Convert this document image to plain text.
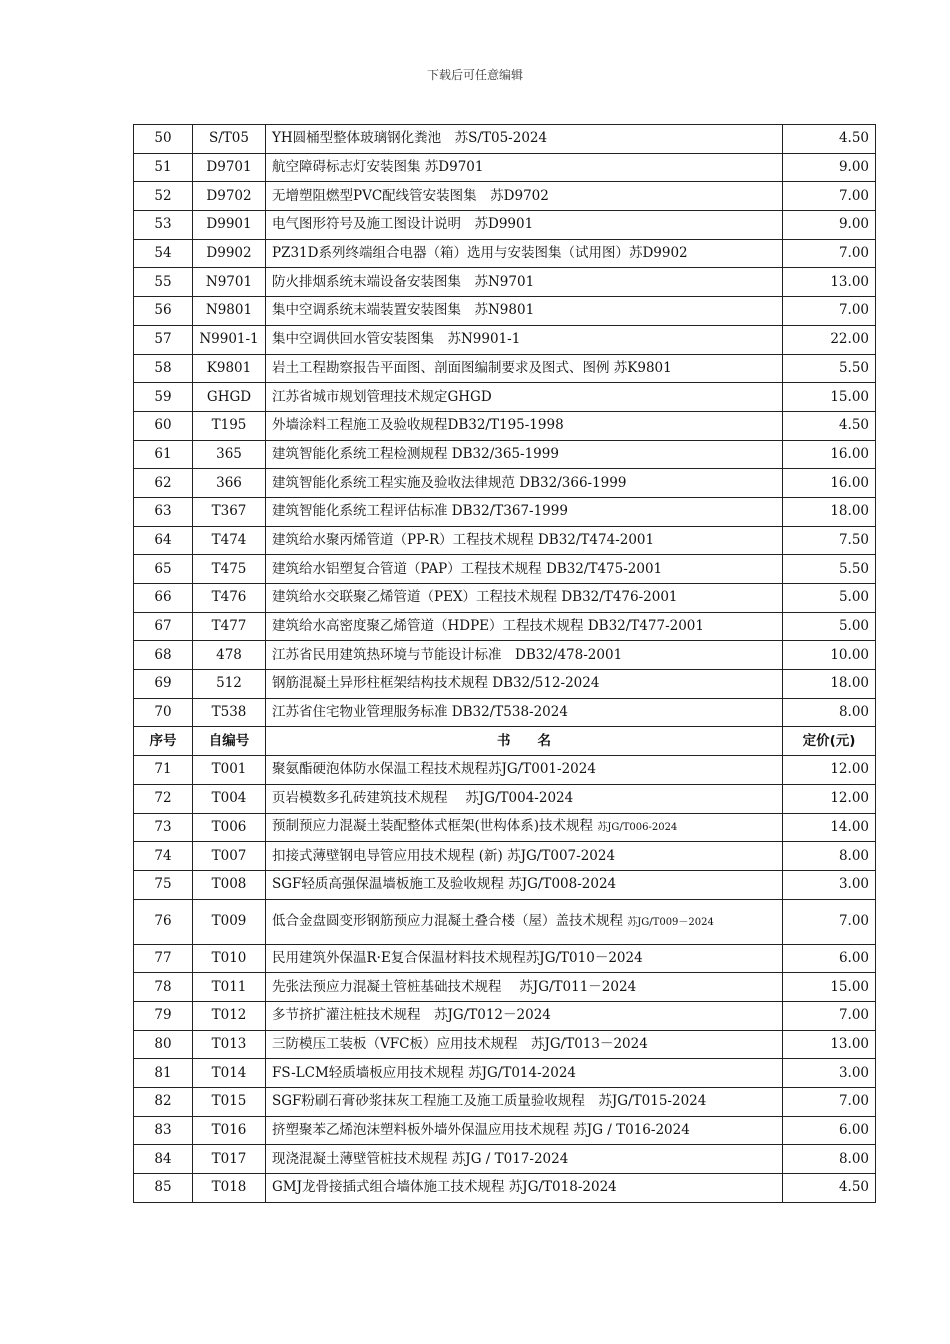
下载后可任意编辑
50	S/T05	YH圆桶型整体玻璃钢化粪池　苏S/T05-2024	4.50
51	D9701	航空障碍标志灯安装图集 苏D9701	9.00
52	D9702	无增塑阻燃型PVC配线管安装图集　苏D9702	7.00
53	D9901	电气图形符号及施工图设计说明　苏D9901	9.00
54	D9902	PZ31D系列终端组合电器（箱）选用与安装图集（试用图）苏D9902	7.00
55	N9701	防火排烟系统末端设备安装图集　苏N9701	13.00
56	N9801	集中空调系统末端装置安装图集　苏N9801	7.00
57	N9901-1	集中空调供回水管安装图集　苏N9901-1	22.00
58	K9801	岩土工程勘察报告平面图、剖面图编制要求及图式、图例 苏K9801	5.50
59	GHGD	江苏省城市规划管理技术规定GHGD	15.00
60	T195	外墙涂料工程施工及验收规程DB32/T195-1998	4.50
61	365	建筑智能化系统工程检测规程 DB32/365-1999	16.00
62	366	建筑智能化系统工程实施及验收法律规范 DB32/366-1999	16.00
63	T367	建筑智能化系统工程评估标准 DB32/T367-1999	18.00
64	T474	建筑给水聚丙烯管道（PP-R）工程技术规程 DB32/T474-2001	7.50
65	T475	建筑给水铝塑复合管道（PAP）工程技术规程 DB32/T475-2001	5.50
66	T476	建筑给水交联聚乙烯管道（PEX）工程技术规程 DB32/T476-2001	5.00
67	T477	建筑给水高密度聚乙烯管道（HDPE）工程技术规程 DB32/T477-2001	5.00
68	478	江苏省民用建筑热环境与节能设计标准　DB32/478-2001	10.00
69	512	钢筋混凝土异形柱框架结构技术规程 DB32/512-2024	18.00
70	T538	江苏省住宅物业管理服务标准 DB32/T538-2024	8.00
序号	自编号	书　　名	定价(元)
71	T001	聚氨酯硬泡体防水保温工程技术规程苏JG/T001-2024	12.00
72	T004	页岩模数多孔砖建筑技术规程　 苏JG/T004-2024	12.00
73	T006	预制预应力混凝土装配整体式框架(世构体系)技术规程 苏JG/T006-2024	14.00
74	T007	扣接式薄壁钢电导管应用技术规程 (新) 苏JG/T007-2024	8.00
75	T008	SGF轻质高强保温墙板施工及验收规程 苏JG/T008-2024	3.00
76	T009	低合金盘圆变形钢筋预应力混凝土叠合楼（屋）盖技术规程 苏JG/T009－2024	7.00
77	T010	民用建筑外保温R·E复合保温材料技术规程苏JG/T010－2024	6.00
78	T011	先张法预应力混凝土管桩基础技术规程　 苏JG/T011－2024	15.00
79	T012	多节挤扩灌注桩技术规程　苏JG/T012－2024	7.00
80	T013	三防模压工装板（VFC板）应用技术规程　苏JG/T013－2024	13.00
81	T014	FS-LCM轻质墙板应用技术规程 苏JG/T014-2024	3.00
82	T015	SGF粉刷石膏砂浆抹灰工程施工及施工质量验收规程　苏JG/T015-2024	7.00
83	T016	挤塑聚苯乙烯泡沫塑料板外墙外保温应用技术规程 苏JG / T016-2024	6.00
84	T017	现浇混凝土薄壁管桩技术规程 苏JG / T017-2024	8.00
85	T018	GMJ龙骨接插式组合墙体施工技术规程 苏JG/T018-2024	4.50
